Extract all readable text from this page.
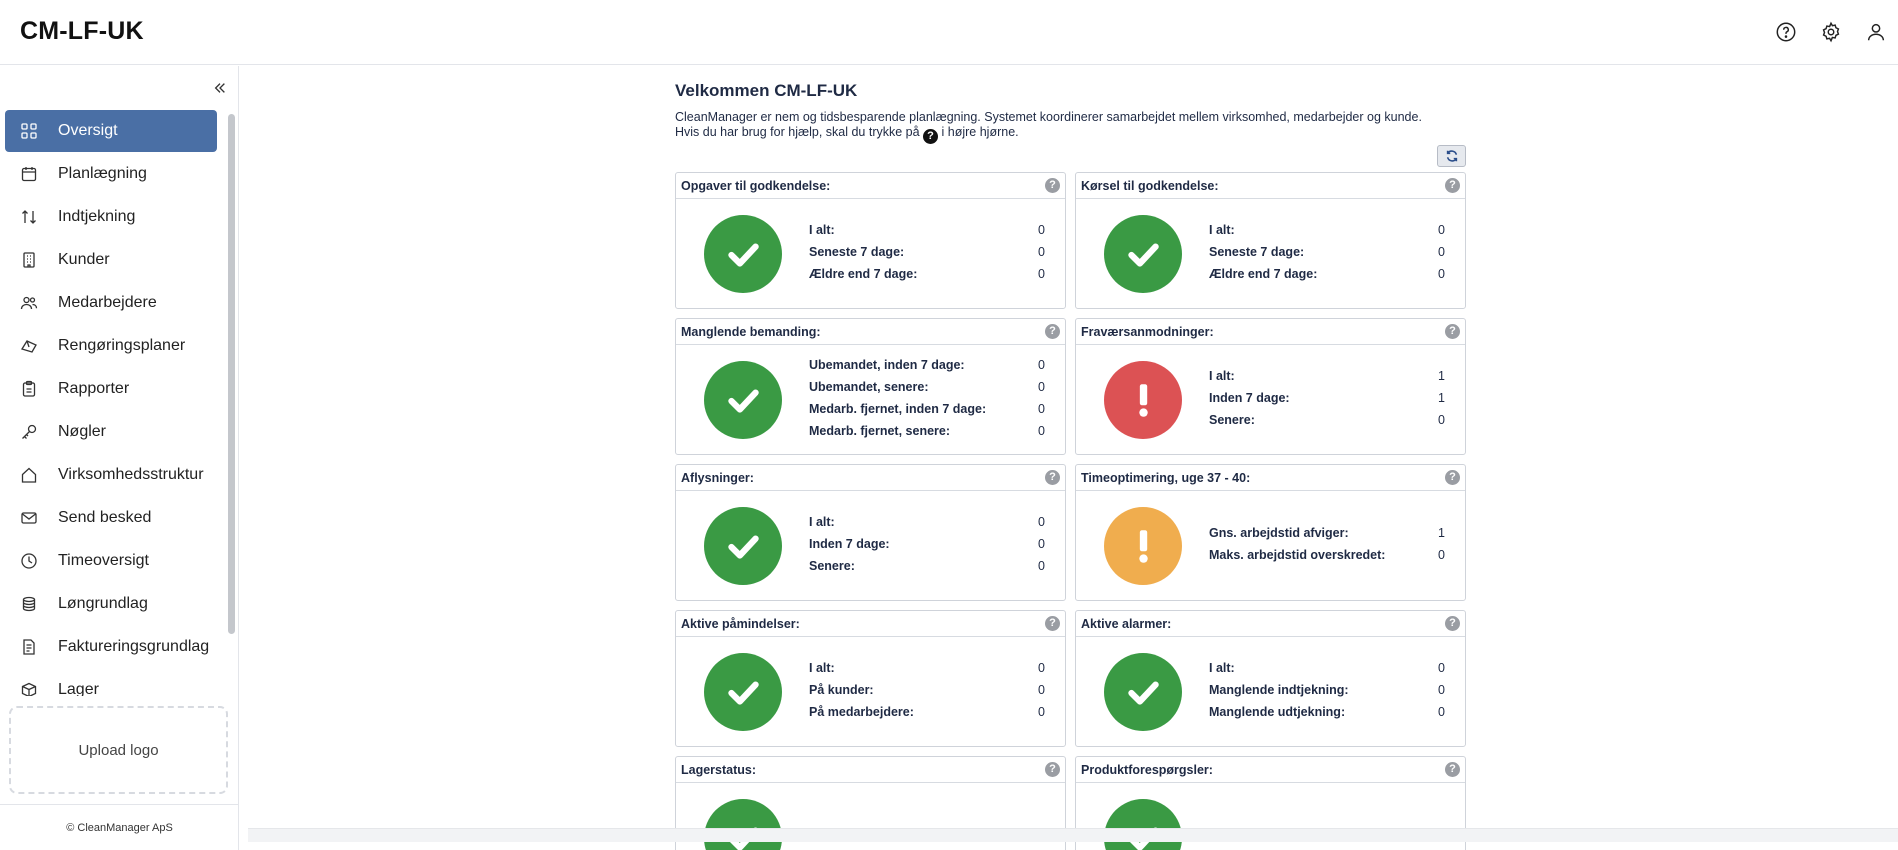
CM-LF-UK
Oversigt
Planlægning
Indtjekning
Kunder
Medarbejdere
Rengøringsplaner
Rapporter
Nøgler
Virksomhedsstruktur
Send besked
Timeoversigt
Løngrundlag
Faktureringsgrundlag
Lager
Upload logo
© CleanManager ApS
Velkommen CM-LF-UK
CleanManager er nem og tidsbesparende planlægning. Systemet koordinerer samarbejdet mellem virksomhed, medarbejder og kunde.
Hvis du har brug for hjælp, skal du trykke på ? i højre hjørne.
Opgaver til godkendelse:	?
I alt:	0
Seneste 7 dage:	0
Ældre end 7 dage:	0
Kørsel til godkendelse:	?
I alt:	0
Seneste 7 dage:	0
Ældre end 7 dage:	0
Manglende bemanding:	?
Ubemandet, inden 7 dage:	0
Ubemandet, senere:	0
Medarb. fjernet, inden 7 dage:	0
Medarb. fjernet, senere:	0
Fraværsanmodninger:	?
I alt:	1
Inden 7 dage:	1
Senere:	0
Aflysninger:	?
I alt:	0
Inden 7 dage:	0
Senere:	0
Timeoptimering, uge 37 - 40:	?
Gns. arbejdstid afviger:	1
Maks. arbejdstid overskredet:	0
Aktive påmindelser:	?
I alt:	0
På kunder:	0
På medarbejdere:	0
Aktive alarmer:	?
I alt:	0
Manglende indtjekning:	0
Manglende udtjekning:	0
Lagerstatus:	?	Produktforespørgsler:	?
